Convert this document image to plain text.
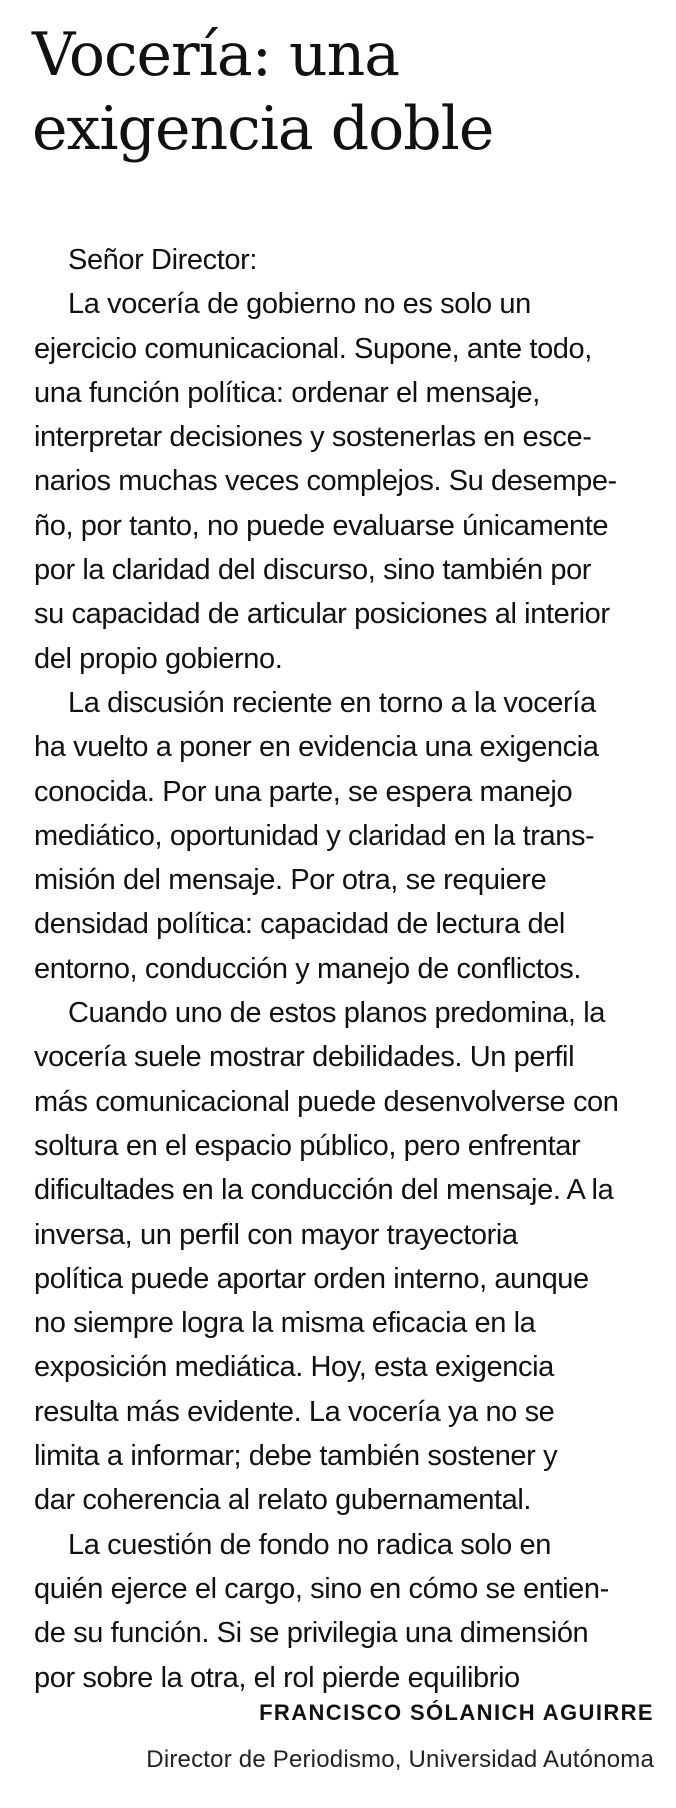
Vocería: una
exigencia doble
Señor Director:
La vocería de gobierno no es solo un
ejercicio comunicacional. Supone, ante todo,
una función política: ordenar el mensaje,
interpretar decisiones y sostenerlas en esce-
narios muchas veces complejos. Su desempe-
ño, por tanto, no puede evaluarse únicamente
por la claridad del discurso, sino también por
su capacidad de articular posiciones al interior
del propio gobierno.
La discusión reciente en torno a la vocería
ha vuelto a poner en evidencia una exigencia
conocida. Por una parte, se espera manejo
mediático, oportunidad y claridad en la trans-
misión del mensaje. Por otra, se requiere
densidad política: capacidad de lectura del
entorno, conducción y manejo de conflictos.
Cuando uno de estos planos predomina, la
vocería suele mostrar debilidades. Un perfil
más comunicacional puede desenvolverse con
soltura en el espacio público, pero enfrentar
dificultades en la conducción del mensaje. A la
inversa, un perfil con mayor trayectoria
política puede aportar orden interno, aunque
no siempre logra la misma eficacia en la
exposición mediática. Hoy, esta exigencia
resulta más evidente. La vocería ya no se
limita a informar; debe también sostener y
dar coherencia al relato gubernamental.
La cuestión de fondo no radica solo en
quién ejerce el cargo, sino en cómo se entien-
de su función. Si se privilegia una dimensión
por sobre la otra, el rol pierde equilibrio
FRANCISCO SÓLANICH AGUIRRE
Director de Periodismo, Universidad Autónoma
